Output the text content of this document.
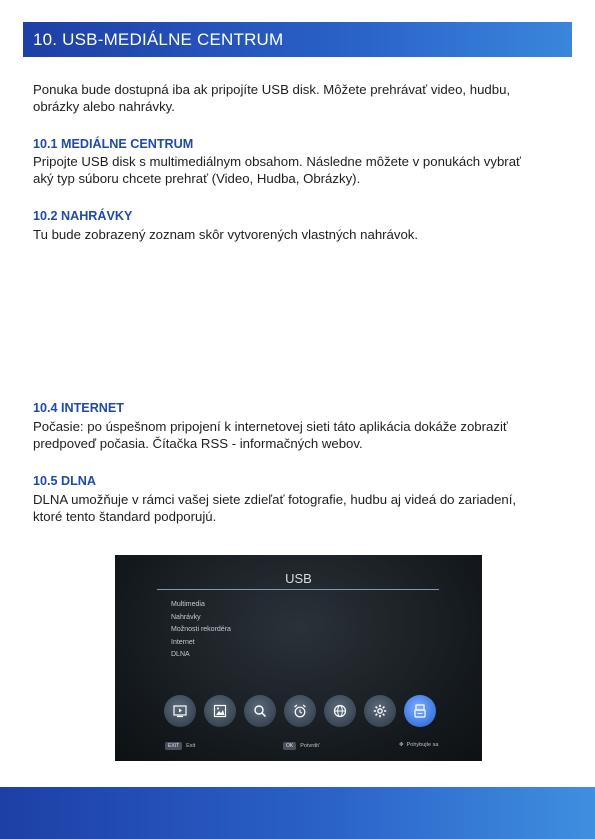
10. USB-MEDIÁLNE CENTRUM

Ponuka bude dostupná iba ak pripojíte USB disk. Môžete prehrávať video, hudbu,

obrázky alebo nahrávky.

10.1 MEDIÁLNE CENTRUM

Pripojte USB disk s multimediálnym obsahom. Následne môžete v ponukách vybrať

aký typ súboru chcete prehrať (Video, Hudba, Obrázky).

10.2 NAHRÁVKY

Tu bude zobrazený zoznam skôr vytvorených vlastných nahrávok.

10.4 INTERNET

Počasie: po úspešnom pripojení k internetovej sieti táto aplikácia dokáže zobraziť

predpoveď počasia. Čítačka RSS - informačných webov.

10.5 DLNA

DLNA umožňuje v rámci vašej siete zdieľať fotografie, hudbu aj videá do zariadení,

ktoré tento štandard podporujú.

USB
Multimedia
Nahrávky
Možnosti rekordéra
Internet
DLNA
EXIT Exit	OK Potvrdiť	✥ Pohybujte sa
